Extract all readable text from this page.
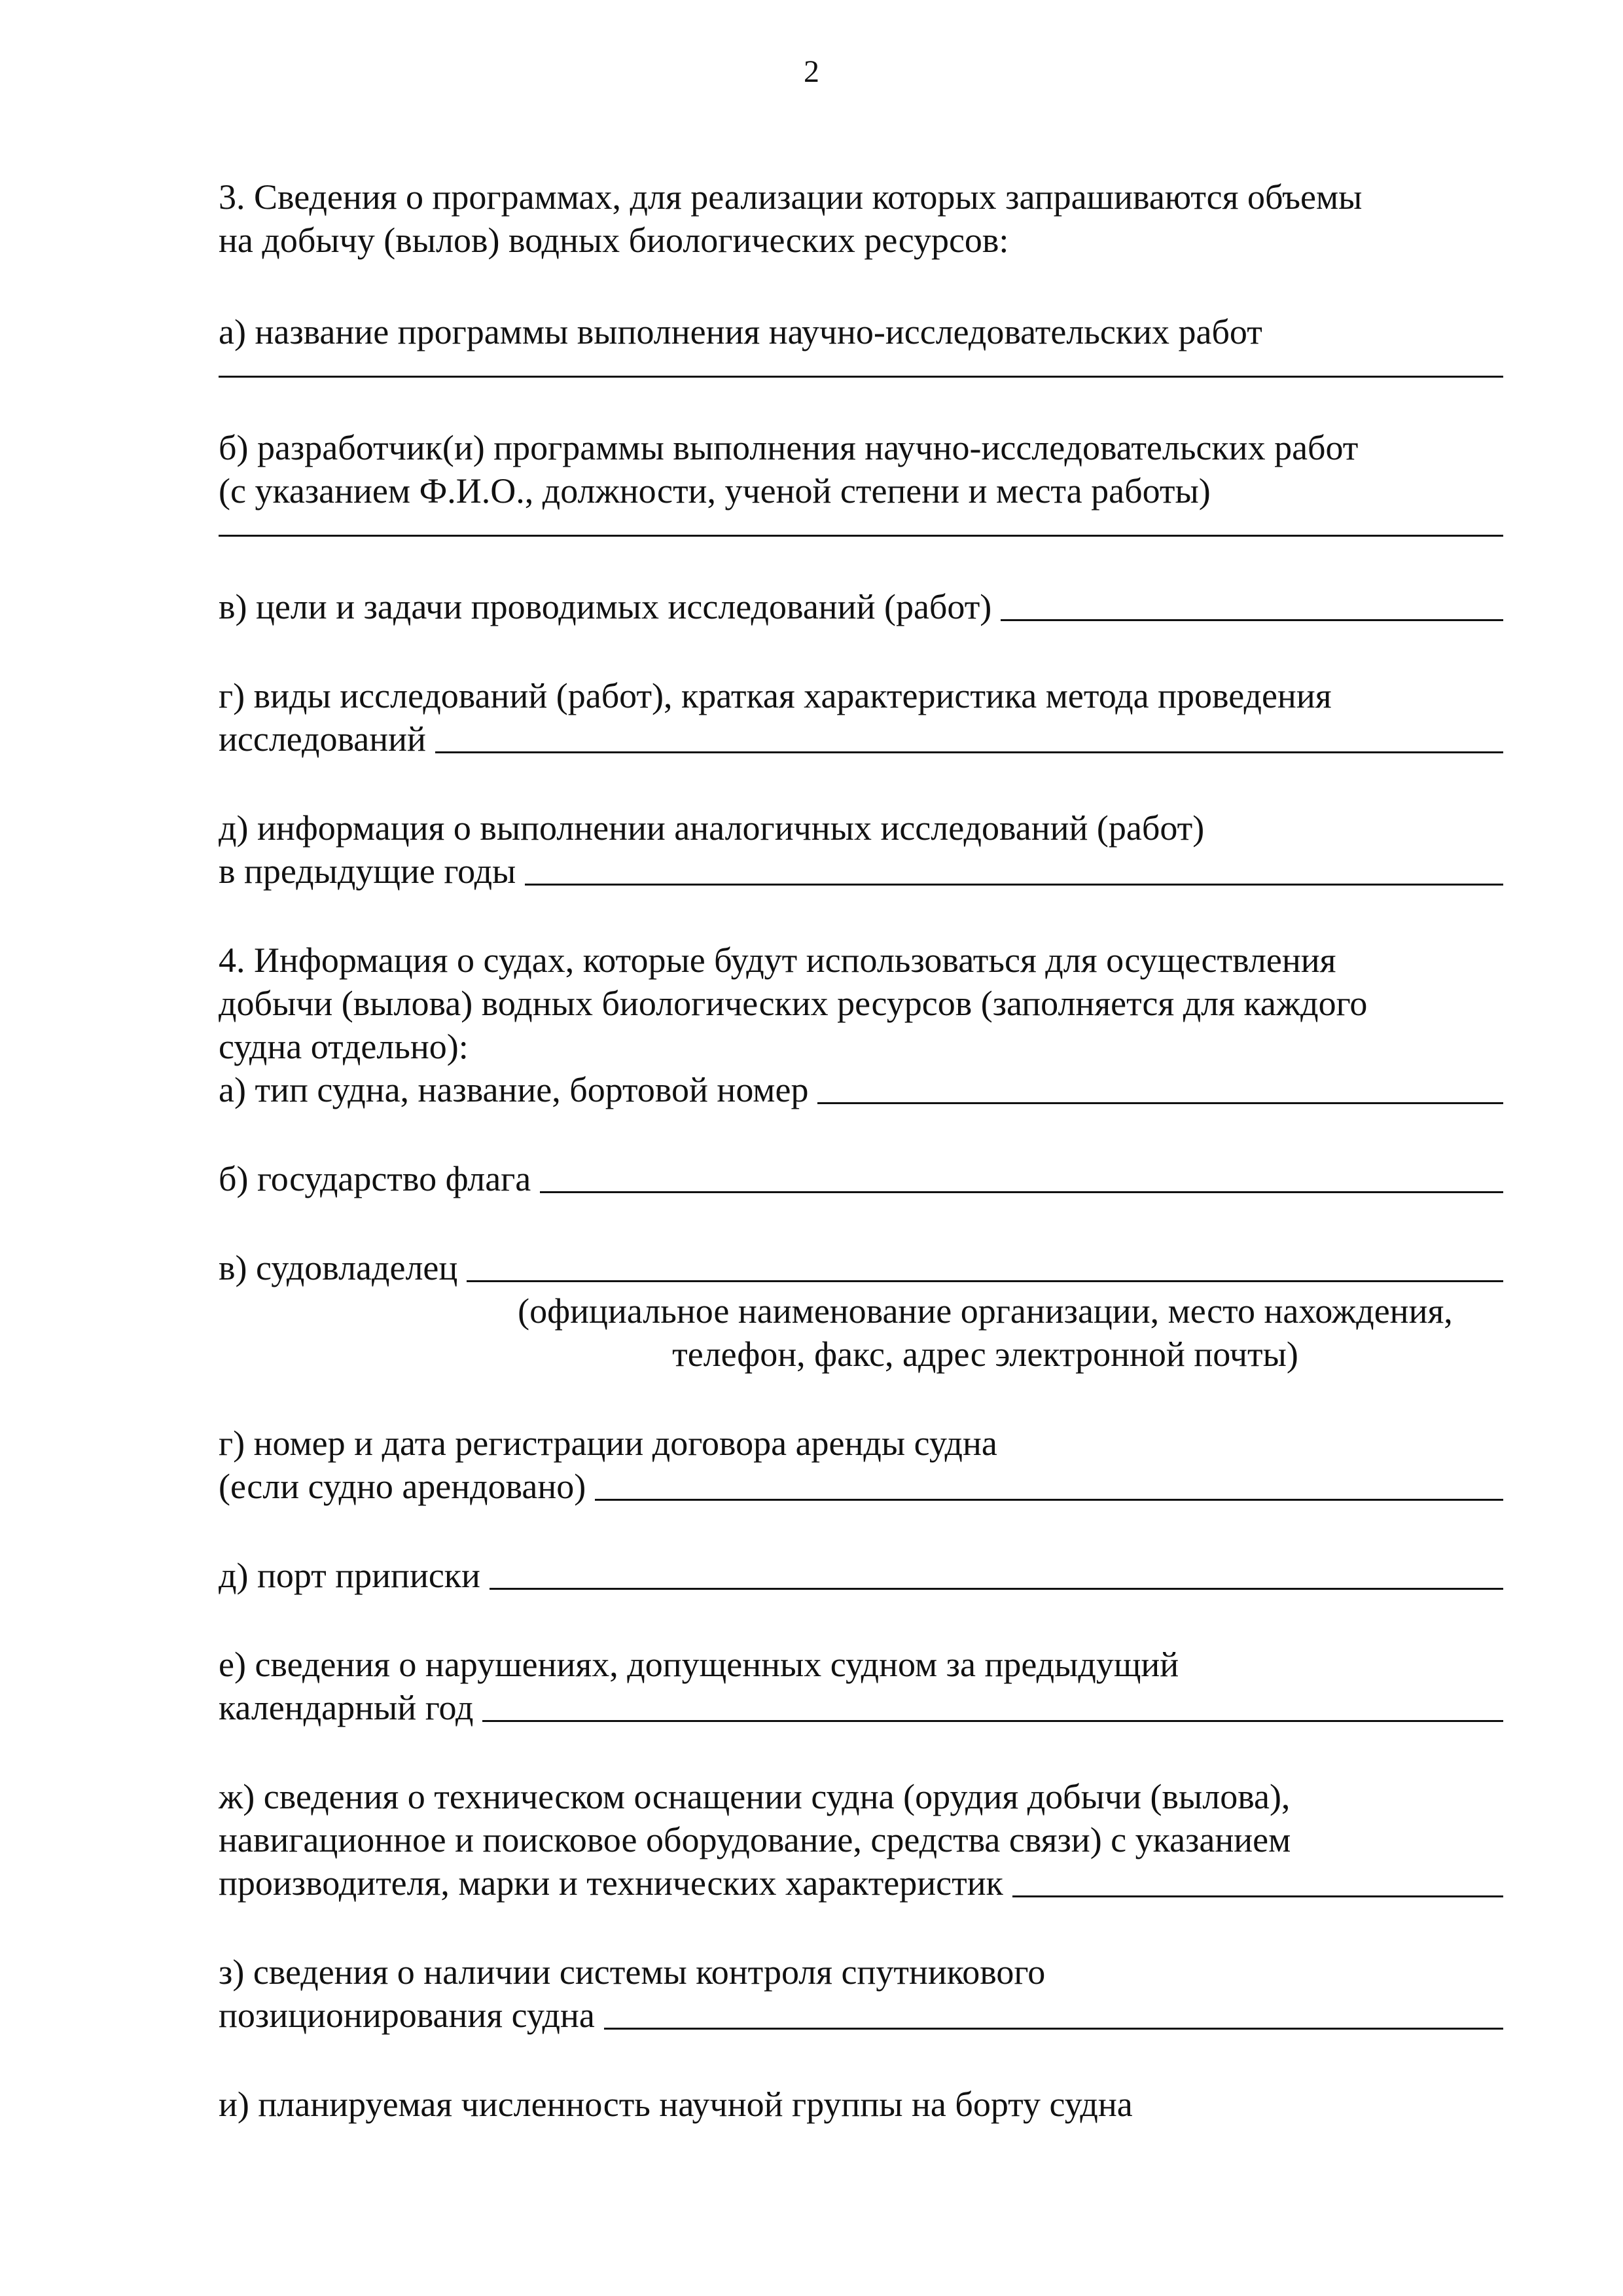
2
3. Сведения о программах, для реализации которых запрашиваются объемы
на добычу (вылов) водных биологических ресурсов:
а) название программы выполнения научно-исследовательских работ
б) разработчик(и) программы выполнения научно-исследовательских работ
(с указанием Ф.И.О., должности, ученой степени и места работы)
в) цели и задачи проводимых исследований (работ)
г) виды исследований (работ), краткая характеристика метода проведения
исследований
д) информация о выполнении аналогичных исследований (работ)
в предыдущие годы
4. Информация о судах, которые будут использоваться для осуществления
добычи (вылова) водных биологических ресурсов (заполняется для каждого
судна отдельно):
а) тип судна, название, бортовой номер
б) государство флага
в) судовладелец
(официальное наименование организации, место нахождения,
телефон, факс, адрес электронной почты)
г) номер и дата регистрации договора аренды судна
(если судно арендовано)
д) порт приписки
е) сведения о нарушениях, допущенных судном за предыдущий
календарный год
ж) сведения о техническом оснащении судна (орудия добычи (вылова),
навигационное и поисковое оборудование, средства связи) с указанием
производителя, марки и технических характеристик
з) сведения о наличии системы контроля спутникового
позиционирования судна
и) планируемая численность научной группы на борту судна
